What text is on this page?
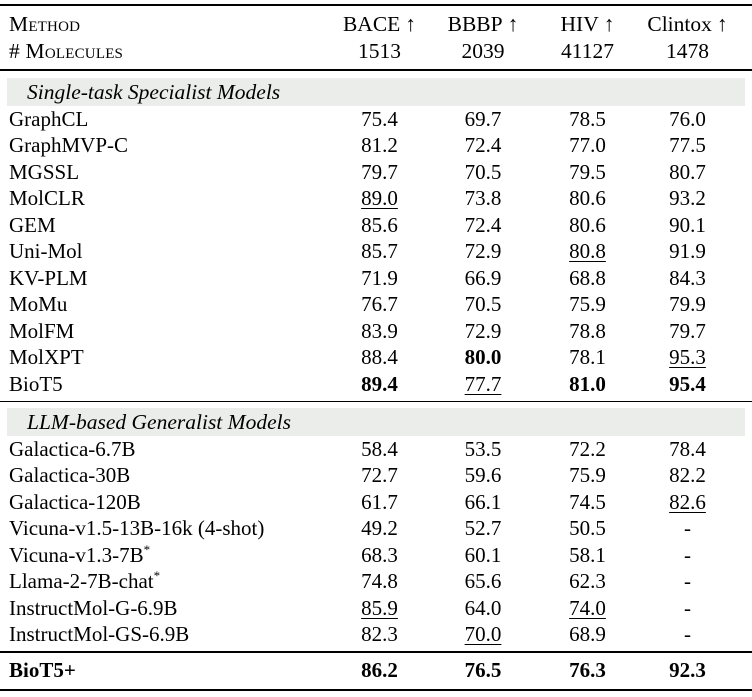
Method	BACE ↑	BBBP ↑	HIV ↑	Clintox ↑
# Molecules	1513	2039	41127	1478
Single-task Specialist Models
GraphCL	75.4	69.7	78.5	76.0
GraphMVP-C	81.2	72.4	77.0	77.5
MGSSL	79.7	70.5	79.5	80.7
MolCLR	89.0	73.8	80.6	93.2
GEM	85.6	72.4	80.6	90.1
Uni-Mol	85.7	72.9	80.8	91.9
KV-PLM	71.9	66.9	68.8	84.3
MoMu	76.7	70.5	75.9	79.9
MolFM	83.9	72.9	78.8	79.7
MolXPT	88.4	80.0	78.1	95.3
BioT5	89.4	77.7	81.0	95.4
LLM-based Generalist Models
Galactica-6.7B	58.4	53.5	72.2	78.4
Galactica-30B	72.7	59.6	75.9	82.2
Galactica-120B	61.7	66.1	74.5	82.6
Vicuna-v1.5-13B-16k (4-shot)	49.2	52.7	50.5	-
Vicuna-v1.3-7B*	68.3	60.1	58.1	-
Llama-2-7B-chat*	74.8	65.6	62.3	-
InstructMol-G-6.9B	85.9	64.0	74.0	-
InstructMol-GS-6.9B	82.3	70.0	68.9	-
BioT5+	86.2	76.5	76.3	92.3
